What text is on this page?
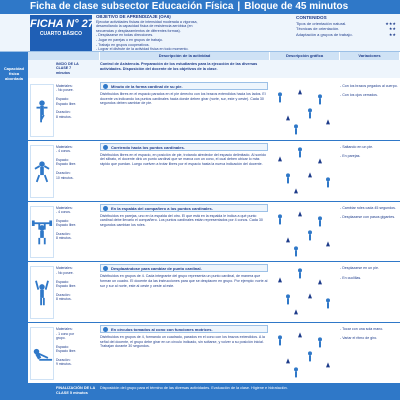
Ficha de clase subsector Educación Física | Bloque de 45 minutos
FICHA N° 27
CUARTO BÁSICO
OBJETIVO DE APRENDIZAJE (OA6)
Ejecutar actividades físicas de intensidad moderada a vigorosa,
desarrollando la capacidad física de resistencia aeróbica (en
secuencias y desplazamientos de diferentes formas).
- Desplazarse en todas direcciones.
- Jugar en parejas o en grupos de trabajo.
- Trabajo en grupos cooperativos.
- Lograr el disfrute de la actividad física en todo momento.
CONTENIDOS
Tipos de orientación natural.	★★★
Técnicas de orientación.	★★
Adaptación a grupos de trabajo.	★★
Capacidad física abordada
Descripción de la actividad	Descripción gráfica	Variaciones
INICIO DE LA CLASE 7 minutos
Control de Asistencia. Preparación de los estudiantes para la ejecución de las diversas actividades. Disposición del docente de los objetivos de la clase.
FINALIZACIÓN DE LA CLASE 5 minutos
Disposición del grupo para el término de las diversas actividades. Evaluación de la clase. Higiene e hidratación.
Materiales:
- No posee.

Espacio:
Espacio libre.

Duración:
8 minutos.
Minuto de la forma cardinal de su pie.
Distribuidos libres en el espacio parados en el pie derecho con los brazos extendidos hacia los lados. El docente va indicando los puntos cardinales hacia donde deben girar (norte, sur, este y oeste). Cada 30 segundos deben cambiar de pie.
- Con los brazos pegados al cuerpo.

- Con los ojos cerrados.
Materiales:
- 4 conos.

Espacio:
Espacio libre.

Duración:
10 minutos.
Corriendo hacia los puntos cardinales.
Distribuidos libres en el espacio, en posición de pie, trotando alrededor del espacio delimitado. Al sonido del silbato, el docente dirá un punto cardinal que se marca con un cono, el cual deben ubicar lo más rápido que puedan. Luego vuelven a trotar libres por el espacio hasta la nueva indicación del docente.
- Saltando en un pie.

- En parejas.
Materiales:
- 4 conos.

Espacio:
Espacio libre.

Duración:
8 minutos.
En la espalda del compañero a los puntos cardinales.
Distribuidos en parejas, uno en la espalda del otro. El que está en la espalda le indica a qué punto cardinal debe llevarlo el compañero. Los puntos cardinales están representados por 4 conos. Cada 30 segundos cambian los roles.
- Cambiar roles cada 45 segundos.

- Desplazarse con pasos gigantes.
Materiales:
- No posee.

Espacio:
Espacio libre.

Duración:
8 minutos.
Desplazándose para cambiar de punto cardinal.
Distribuidos en grupos de 4. Cada integrante del grupo representa un punto cardinal, de manera que forman un cuadro. El docente da las instrucciones para que se desplacen en grupo. Por ejemplo: norte al sur y sur al norte, este al oeste y oeste al este.
- Desplazarse en un pie.

- En cuclillas.
Materiales:
- 1 cono por grupo.

Espacio:
Espacio libre.

Duración:
9 minutos.
En círculos tomados al cono con funciones motrices.
Distribuidos en grupos de 4, formando un cuadrado, parados en el cono con los brazos extendidos. A la señal del docente, el grupo debe girar en un círculo indicado, sin soltarse, y volver a su posición inicial. Trabajan durante 30 segundos.
- Tocar con una sola mano.

- Variar el ritmo de giro.
